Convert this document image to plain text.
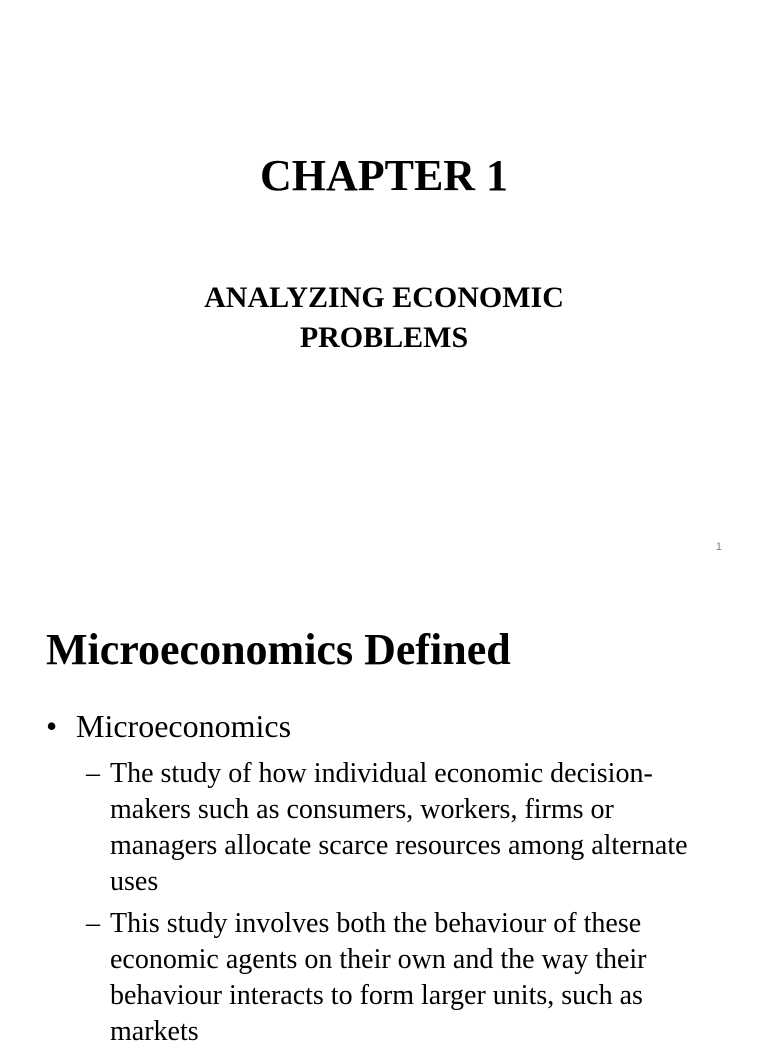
CHAPTER 1
ANALYZING ECONOMIC
PROBLEMS
1
Microeconomics Defined
• Microeconomics
– The study of how individual economic decision-makers such as consumers, workers, firms or managers allocate scarce resources among alternate uses
– This study involves both the behaviour of these economic agents on their own and the way their behaviour interacts to form larger units, such as markets
